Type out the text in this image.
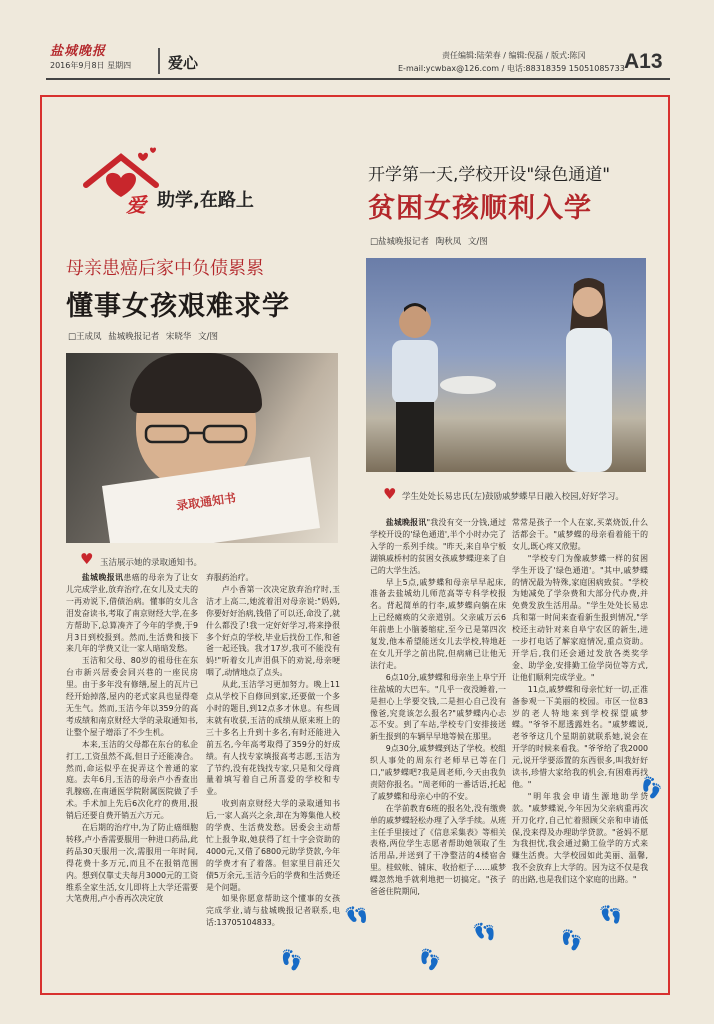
盐城晚报
2016年9月8日 星期四 爱心	责任编辑:陆荣春 / 编辑:倪磊 / 版式:陈冈
E-mail:ycwbax@126.com / 电话:88318359 15051085733 A13
爱 助学,在路上
母亲患癌后家中负债累累
懂事女孩艰难求学
□王成凤 盐城晚报记者 宋晓华 文/图
录取通知书
♥ 玉洁展示她的录取通知书。
开学第一天,学校开设"绿色通道"
贫困女孩顺利入学
□盐城晚报记者 陶秋凤 文/图
♥ 学生处处长易忠氏(左)鼓励戚梦蝶早日融入校园,好好学习。

盐城晚报讯患癌的母亲为了让女儿完成学业,放弃治疗,在女儿及丈夫的一再劝说下,借债治病。懂事的女儿含泪发奋读书,考取了南京财经大学,在多方帮助下,总算凑齐了今年的学费,于9月3日到校报到。然而,生活费和接下来几年的学费又让一家人暗暗发愁。

玉洁和父母、80岁的祖母住在东台市新兴居委会同兴巷的一座民房里。由于多年没有修缮,屋上的瓦片已经开始掉落,屋内的老式家具也显得毫无生气。然而,玉洁今年以359分的高考成绩和南京财经大学的录取通知书,让整个屋子增添了不少生机。

本来,玉洁的父母都在东台的私企打工,工资虽然不高,但日子还能凑合。然而,命运似乎在捉弄这个普通的家庭。去年6月,玉洁的母亲卢小香查出乳腺癌,在南通医学院附属医院做了手术。手术加上先后6次化疗的费用,报销后还要自费开销五六万元。

在后期的治疗中,为了防止癌细胞转移,卢小香需要服用一种进口药品,此药品30天服用一次,需服用一年时间,得花费十多万元,而且不在报销范围内。想到仅靠丈夫每月3000元的工资维系全家生活,女儿即将上大学还需要大笔费用,卢小香再次决定放

弃服药治疗。

卢小香第一次决定放弃治疗时,玉洁才上高二,她流着泪对母亲说:"妈妈,你要好好治病,钱借了可以还,命没了,就什么都没了!我一定好好学习,将来挣很多个好点的学校,毕业后找份工作,和爸爸一起还钱。我才17岁,我可不能没有妈!"听着女儿声泪俱下的劝说,母亲哽咽了,动情地点了点头。

从此,玉洁学习更加努力。晚上11点从学校下自修回到家,还要做一个多小时的题目,到12点多才休息。有些周末就有收获,玉洁的成绩从原来班上的三十多名上升到十多名,有时还能进入前五名,今年高考取得了359分的好成绩。有人找专家填报高考志愿,玉洁为了节约,没有花钱找专家,只是和父母商量着填写着自己所喜爱的学校和专业。

收到南京财经大学的录取通知书后,一家人高兴之余,却在为筹集他人校的学费、生活费发愁。居委会主动帮忙上报争取,她获得了红十字会资助的4000元,又借了6800元助学贷款,今年的学费才有了着落。但家里目前还欠债5万余元,玉洁今后的学费和生活费还是个问题。

如果你愿意帮助这个懂事的女孩完成学业,请与盐城晚报记者联系,电话:13705104833。

盐城晚报讯"我没有交一分钱,通过学校开设的'绿色通道',半个小时办完了入学的一系列手续。"昨天,来自阜宁板湖镇戚桥村的贫困女孩戚梦蝶迎来了自己的大学生活。

早上5点,戚梦蝶和母亲早早起床,准备去盐城幼儿师范高等专科学校报名。背起简单的行李,戚梦蝶向躺在床上已经瘫痪的父亲道别。父亲戚万云6年前患上小脑萎缩症,至今已是第四次复发,他本希望能送女儿去学校,特地赶在女儿开学之前出院,但病痛已让他无法行走。

6点10分,戚梦蝶和母亲坐上阜宁开往盐城的大巴车。"几乎一夜没睡着,一是担心上学要交钱,二是担心自己没有像爸,究竟该怎么报名?"戚梦蝶内心忐忑不安。到了车站,学校专门安排接送新生报到的车辆早早地等候在那里。

9点30分,戚梦蝶到达了学校。校组织人事处的周东行老师早已等在门口,"戚梦蝶吧?我是周老师,今天由我负责陪你报名。"周老师的一番话语,托起了戚梦蝶和母亲心中的不安。

在学前教育6班的报名处,没有缴费单的戚梦蝶轻松办理了入学手续。从班主任手里接过了《信息采集表》等相关表格,两位学生志愿者帮助她领取了生活用品,并送到了干净整洁的4楼宿舍里。桂蚊帐、铺床、收拾柜子……戚梦蝶忽然地手就利地把一切搞定。"孩子爸爸住院期间,

常常是孩子一个人在家,买菜烧饭,什么活都会干。"戚梦蝶的母亲看着能干的女儿,既心疼又欣慰。

"学校专门为像戚梦蝶一样的贫困学生开设了'绿色通道'。"其中,戚梦蝶的情况最为特殊,家庭困病致贫。"学校为她减免了学杂费和大部分代办费,并免费发放生活用品。"学生处处长易忠兵和第一时间来查看新生报到情况,"学校还主动针对来自阜宁农区的新生,进一步打电话了解家庭情况,重点资助。开学后,我们还会通过发放各类奖学金、助学金,安排勤工俭学岗位等方式,让他们顺利完成学业。"

11点,戚梦蝶和母亲忙好一切,正准备参观一下美丽的校园。市区一位83岁的老人特地来到学校探望戚梦蝶。"爷爷不愿透露姓名。"戚梦蝶说,老爷爷这几个星期前就联系她,说会在开学的时候来看我。"爷爷给了我2000元,说开学要添置的东西很多,叫我好好读书,珍惜大家给我的机会,有困难再找他。"

"明年我会申请生源地助学贷款。"戚梦蝶说,今年因为父亲病重再次开刀化疗,自己忙着照顾父亲和申请低保,没来得及办理助学贷款。"爸妈不愿为我担忧,我会通过勤工俭学的方式来赚生活费。大学校园如此美丽、温馨,我不会放弃上大学的。因为这不仅是我的出路,也是我们这个家庭的出路。"

👣
👣
👣
👣
👣
👣
👣
